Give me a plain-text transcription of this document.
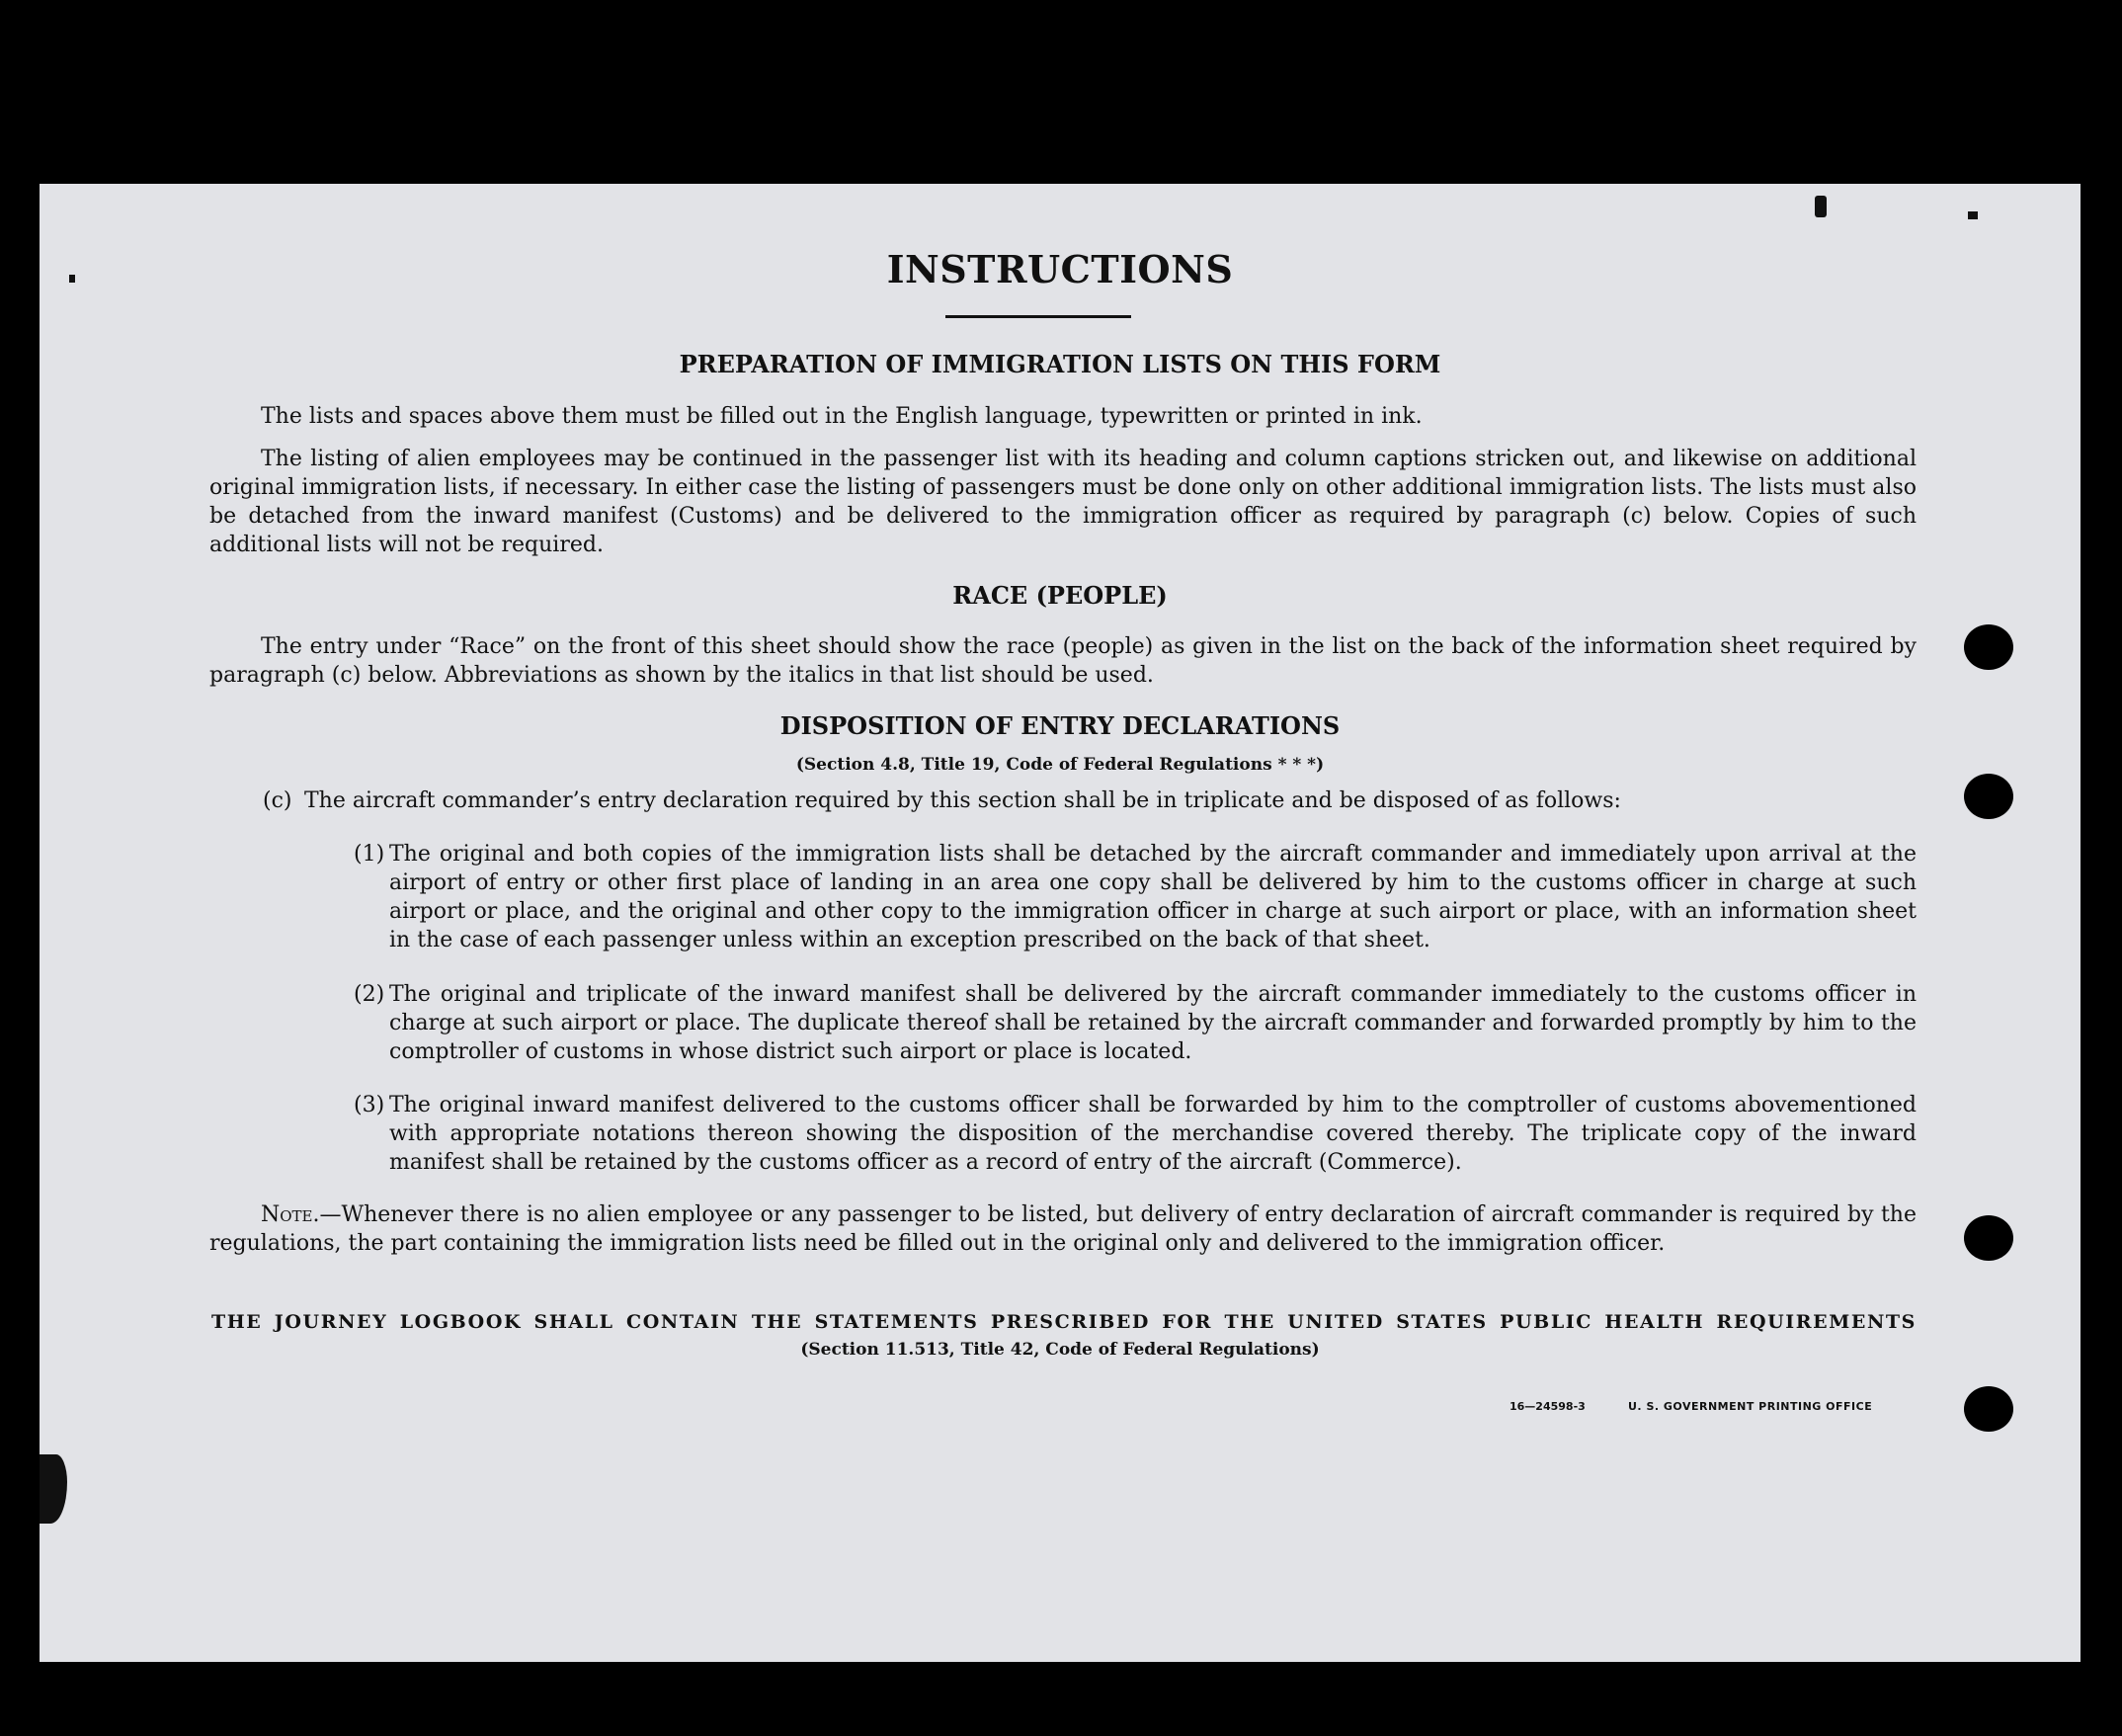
INSTRUCTIONS
PREPARATION OF IMMIGRATION LISTS ON THIS FORM
The lists and spaces above them must be filled out in the English language, typewritten or printed in ink.
The listing of alien employees may be continued in the passenger list with its heading and column captions stricken out, and likewise on additional original immigration lists, if necessary. In either case the listing of passengers must be done only on other additional immigration lists. The lists must also be detached from the inward manifest (Customs) and be delivered to the immigration officer as required by paragraph (c) below. Copies of such additional lists will not be required.
RACE (PEOPLE)
The entry under “Race” on the front of this sheet should show the race (people) as given in the list on the back of the information sheet required by paragraph (c) below. Abbreviations as shown by the italics in that list should be used.
DISPOSITION OF ENTRY DECLARATIONS
(Section 4.8, Title 19, Code of Federal Regulations * * *)
(c) The aircraft commander’s entry declaration required by this section shall be in triplicate and be disposed of as follows:
(1) The original and both copies of the immigration lists shall be detached by the aircraft commander and immediately upon arrival at the airport of entry or other first place of landing in an area one copy shall be delivered by him to the customs officer in charge at such airport or place, and the original and other copy to the immigration officer in charge at such airport or place, with an information sheet in the case of each passenger unless within an exception prescribed on the back of that sheet.
(2) The original and triplicate of the inward manifest shall be delivered by the aircraft commander immediately to the customs officer in charge at such airport or place. The duplicate thereof shall be retained by the aircraft commander and forwarded promptly by him to the comptroller of customs in whose district such airport or place is located.
(3) The original inward manifest delivered to the customs officer shall be forwarded by him to the comptroller of customs abovementioned with appropriate notations thereon showing the disposition of the merchandise covered thereby. The triplicate copy of the inward manifest shall be retained by the customs officer as a record of entry of the aircraft (Commerce).
Note.—Whenever there is no alien employee or any passenger to be listed, but delivery of entry declaration of aircraft commander is required by the regulations, the part containing the immigration lists need be filled out in the original only and delivered to the immigration officer.
THE JOURNEY LOGBOOK SHALL CONTAIN THE STATEMENTS PRESCRIBED FOR THE UNITED STATES PUBLIC HEALTH REQUIREMENTS
(Section 11.513, Title 42, Code of Federal Regulations)
16—24598-3	U. S. GOVERNMENT PRINTING OFFICE
